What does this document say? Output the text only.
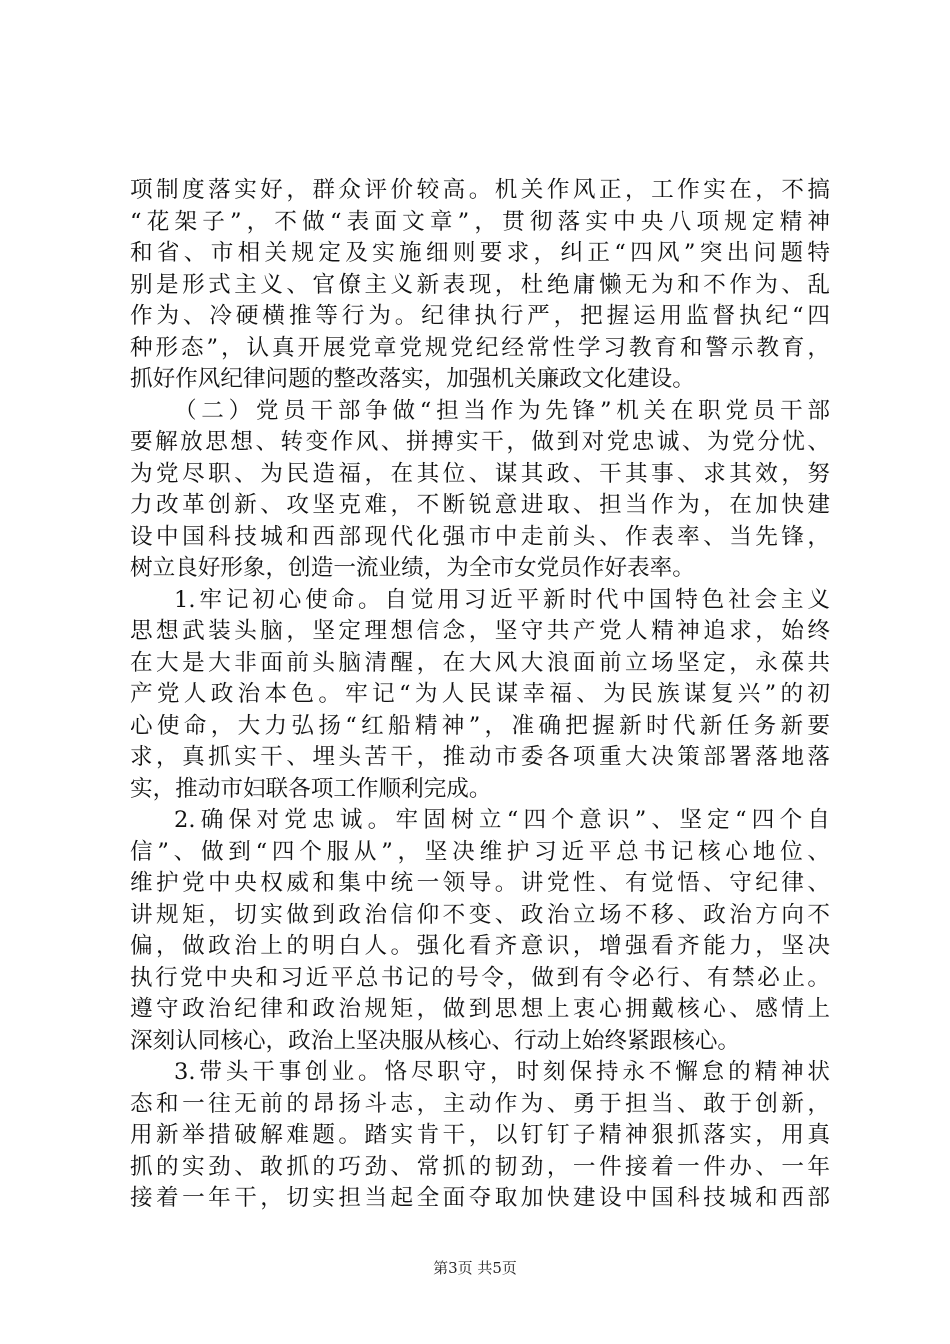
项制度落实好，群众评价较高。机关作风正，工作实在，不搞
“花架子”，不做“表面文章”，贯彻落实中央八项规定精神
和省、市相关规定及实施细则要求，纠正“四风”突出问题特
别是形式主义、官僚主义新表现，杜绝庸懒无为和不作为、乱
作为、冷硬横推等行为。纪律执行严，把握运用监督执纪“四
种形态”，认真开展党章党规党纪经常性学习教育和警示教育，
抓好作风纪律问题的整改落实，加强机关廉政文化建设。
（二）党员干部争做“担当作为先锋”机关在职党员干部
要解放思想、转变作风、拼搏实干，做到对党忠诚、为党分忧、
为党尽职、为民造福，在其位、谋其政、干其事、求其效，努
力改革创新、攻坚克难，不断锐意进取、担当作为，在加快建
设中国科技城和西部现代化强市中走前头、作表率、当先锋，
树立良好形象，创造一流业绩，为全市女党员作好表率。
1.牢记初心使命。自觉用习近平新时代中国特色社会主义
思想武装头脑，坚定理想信念，坚守共产党人精神追求，始终
在大是大非面前头脑清醒，在大风大浪面前立场坚定，永葆共
产党人政治本色。牢记“为人民谋幸福、为民族谋复兴”的初
心使命，大力弘扬“红船精神”，准确把握新时代新任务新要
求，真抓实干、埋头苦干，推动市委各项重大决策部署落地落
实，推动市妇联各项工作顺利完成。
2.确保对党忠诚。牢固树立“四个意识”、坚定“四个自
信”、做到“四个服从”，坚决维护习近平总书记核心地位、
维护党中央权威和集中统一领导。讲党性、有觉悟、守纪律、
讲规矩，切实做到政治信仰不变、政治立场不移、政治方向不
偏，做政治上的明白人。强化看齐意识，增强看齐能力，坚决
执行党中央和习近平总书记的号令，做到有令必行、有禁必止。
遵守政治纪律和政治规矩，做到思想上衷心拥戴核心、感情上
深刻认同核心，政治上坚决服从核心、行动上始终紧跟核心。
3.带头干事创业。恪尽职守，时刻保持永不懈怠的精神状
态和一往无前的昂扬斗志，主动作为、勇于担当、敢于创新，
用新举措破解难题。踏实肯干，以钉钉子精神狠抓落实，用真
抓的实劲、敢抓的巧劲、常抓的韧劲，一件接着一件办、一年
接着一年干，切实担当起全面夺取加快建设中国科技城和西部
第3页 共5页
